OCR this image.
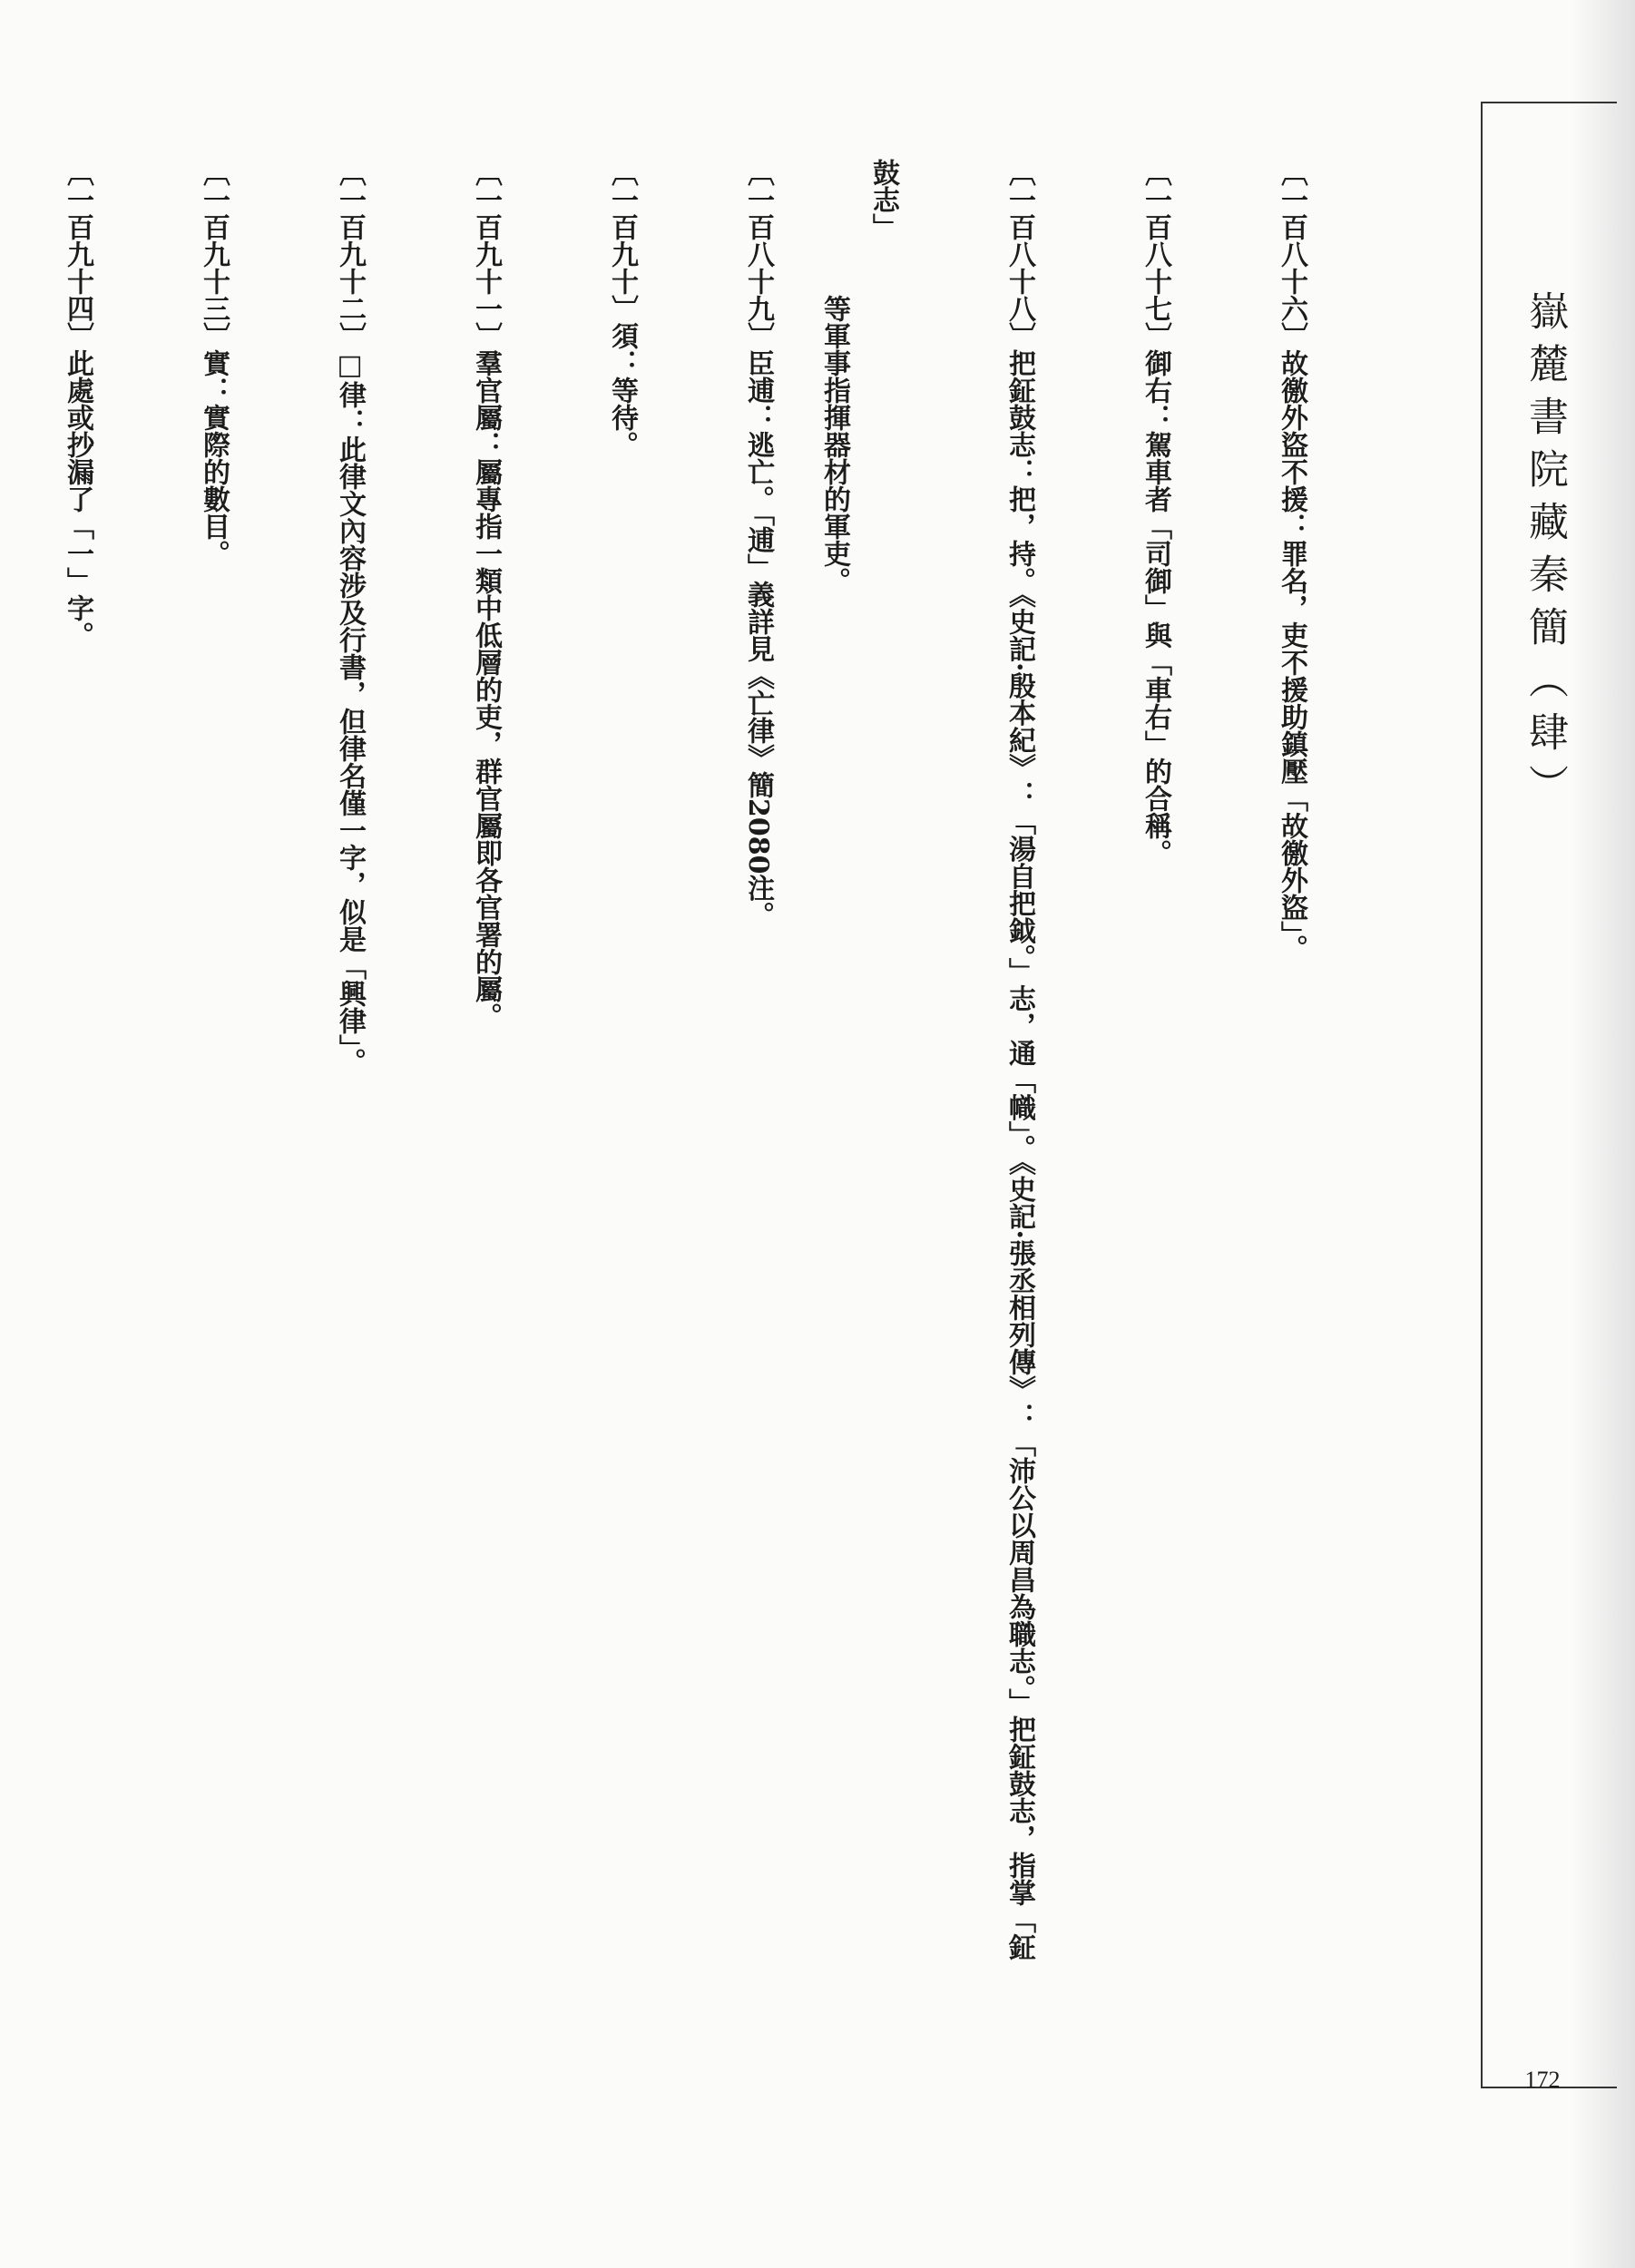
嶽麓書院藏秦簡（肆）
172
〔一百八十六〕故徼外盜不援：罪名，吏不援助鎮壓「故徼外盜」。
〔一百八十七〕御右：駕車者「司御」與「車右」的合稱。
〔一百八十八〕把鉦鼓志：把，持。《史記·殷本紀》：「湯自把鉞。」志，通「幟」。《史記·張丞相列傳》：「沛公以周昌為職志。」把鉦鼓志，指掌「鉦鼓志」
等軍事指揮器材的軍吏。
〔一百八十九〕臣逋：逃亡。「逋」義詳見《亡律》簡2080注。
〔一百九十〕須：等待。
〔一百九十一〕羣官屬：屬專指一類中低層的吏，群官屬即各官署的屬。
〔一百九十二〕□律：此律文內容涉及行書，但律名僅一字，似是「興律」。
〔一百九十三〕實：實際的數目。
〔一百九十四〕此處或抄漏了「一」字。
